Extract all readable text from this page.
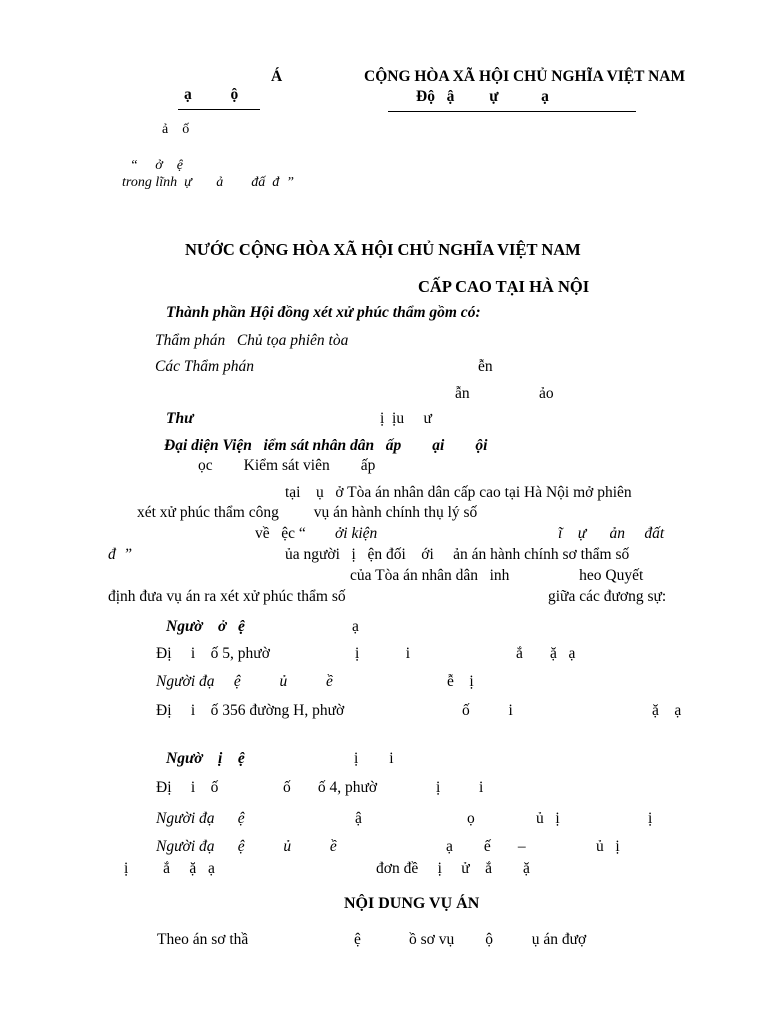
Á
ạ          ộ
CỘNG HÒA XÃ HỘI CHỦ NGHĨA VIỆT NAM
Độ   ậ         ự           ạ
ả    ố
“     ở    ệ
trong lĩnh  ự       ả        đấ  đ  ”
NƯỚC CỘNG HÒA XÃ HỘI CHỦ NGHĨA VIỆT NAM
CẤP CAO TẠI HÀ NỘI
Thành phần Hội đồng xét xử phúc thẩm gồm có:
Thẩm phán   Chủ tọa phiên tòa
Các Thẩm phán	ễn
ẫn	ảo
Thư	ị  ịu     ư
Đại diện Viện   iểm sát nhân dân   ấp        ại        ội
ọc        Kiểm sát viên        ấp
tại    ụ   ở Tòa án nhân dân cấp cao tại Hà Nội mở phiên
xét xử phúc thẩm công         vụ án hành chính thụ lý số
về   ệc “ ởi kiện	ĩ    ự      ản     đất
đ  ”	ủa người   ị   ện đối    ới     ản án hành chính sơ thẩm số
của Tòa án nhân dân   inh                  heo Quyết
định đưa vụ án ra xét xử phúc thẩm số	giữa các đương sự:
Ngườ    ở   ệ	ạ
Đị     i    ố 5, phườ	ị            i	ắ       ặ   ạ
Người đạ     ệ          ủ          ề	ễ    ị
Đị     i    ố 356 đường H, phườ	ố          i	ặ    ạ
Ngườ    ị    ệ	ị        i
Đị     i    ố	ố       ố 4, phườ	ị          i
Người đạ      ệ	ậ	ọ	ủ   ị	ị
Người đạ      ệ          ủ          ề	ạ        ế       –	ủ   ị
ị         ắ     ặ   ạ	đơn đề     ị     ử    ắ        ặ
NỘI DUNG VỤ ÁN
Theo án sơ thầ	ệ	ồ sơ vụ        ộ          ụ án đượ
